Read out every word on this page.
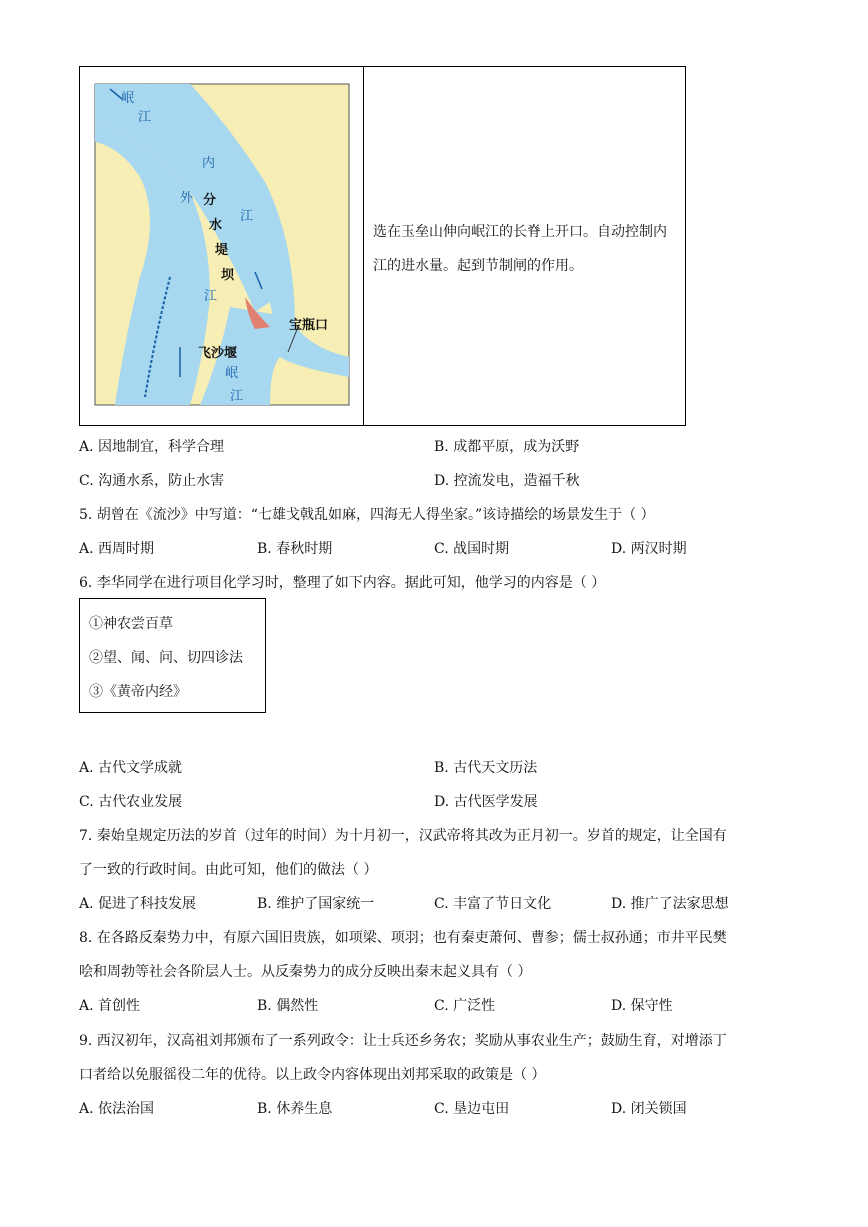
岷
江
内
江
外
江
分
水
堤
坝
宝瓶口
飞沙堰
岷
江
选在玉垒山伸向岷江的长脊上开口。自动控制内江的进水量。起到节制闸的作用。
A. 因地制宜，科学合理	B. 成都平原，成为沃野
C. 沟通水系，防止水害	D. 控流发电，造福千秋
5. 胡曾在《流沙》中写道：“七雄戈戟乱如麻，四海无人得坐家。”该诗描绘的场景发生于（ ）
A. 西周时期	B. 春秋时期	C. 战国时期	D. 两汉时期
6. 李华同学在进行项目化学习时，整理了如下内容。据此可知，他学习的内容是（ ）
①神农尝百草
②望、闻、问、切四诊法
③《黄帝内经》
A. 古代文学成就	B. 古代天文历法
C. 古代农业发展	D. 古代医学发展
7. 秦始皇规定历法的岁首（过年的时间）为十月初一，汉武帝将其改为正月初一。岁首的规定，让全国有
了一致的行政时间。由此可知，他们的做法（ ）
A. 促进了科技发展	B. 维护了国家统一	C. 丰富了节日文化	D. 推广了法家思想
8. 在各路反秦势力中，有原六国旧贵族，如项梁、项羽；也有秦吏萧何、曹参；儒士叔孙通；市井平民樊
哙和周勃等社会各阶层人士。从反秦势力的成分反映出秦末起义具有（ ）
A. 首创性	B. 偶然性	C. 广泛性	D. 保守性
9. 西汉初年，汉高祖刘邦颁布了一系列政令：让士兵还乡务农；奖励从事农业生产；鼓励生育，对增添丁
口者给以免服徭役二年的优待。以上政令内容体现出刘邦采取的政策是（ ）
A. 依法治国	B. 休养生息	C. 垦边屯田	D. 闭关锁国
